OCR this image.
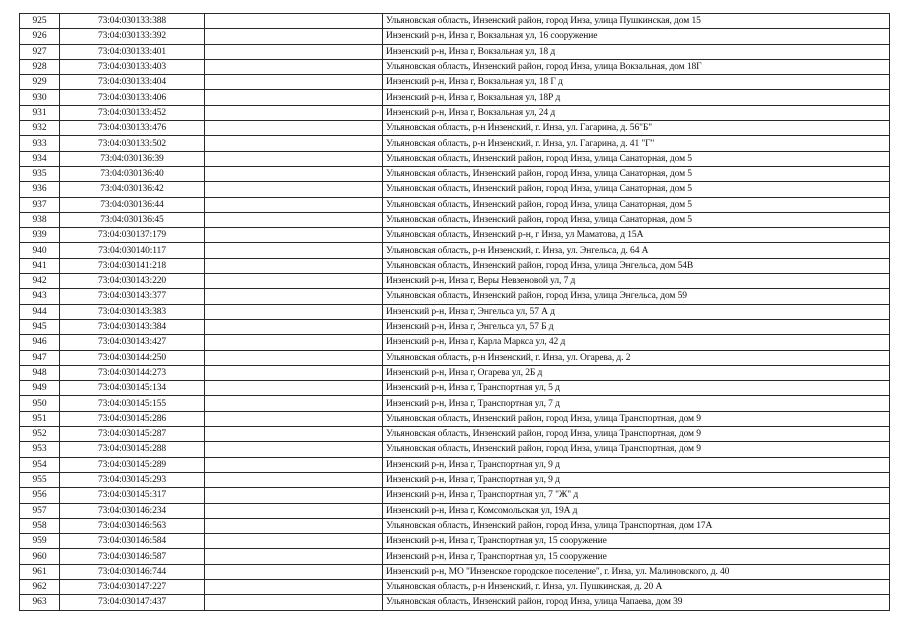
925	73:04:030133:388		Ульяновская область, Инзенский район, город Инза, улица Пушкинская, дом 15
926	73:04:030133:392		Инзенский р-н, Инза г, Вокзальная ул, 16 сооружение
927	73:04:030133:401		Инзенский р-н, Инза г, Вокзальная ул, 18 д
928	73:04:030133:403		Ульяновская область, Инзенский район, город Инза, улица Вокзальная, дом 18Г
929	73:04:030133:404		Инзенский р-н, Инза г, Вокзальная ул, 18 Г д
930	73:04:030133:406		Инзенский р-н, Инза г, Вокзальная ул, 18Р д
931	73:04:030133:452		Инзенский р-н, Инза г, Вокзальная ул, 24 д
932	73:04:030133:476		Ульяновская область, р-н Инзенский, г. Инза, ул. Гагарина, д. 56"Б"
933	73:04:030133:502		Ульяновская область, р-н Инзенский, г. Инза, ул. Гагарина, д. 41 "Г"
934	73:04:030136:39		Ульяновская область, Инзенский район, город Инза, улица Санаторная, дом 5
935	73:04:030136:40		Ульяновская область, Инзенский район, город Инза, улица Санаторная, дом 5
936	73:04:030136:42		Ульяновская область, Инзенский район, город Инза, улица Санаторная, дом 5
937	73:04:030136:44		Ульяновская область, Инзенский район, город Инза, улица Санаторная, дом 5
938	73:04:030136:45		Ульяновская область, Инзенский район, город Инза, улица Санаторная, дом 5
939	73:04:030137:179		Ульяновская область, Инзенский р-н, г Инза, ул Маматова, д 15А
940	73:04:030140:117		Ульяновская область, р-н Инзенский, г. Инза, ул. Энгельса, д. 64 А
941	73:04:030141:218		Ульяновская область, Инзенский район, город Инза, улица Энгельса, дом 54В
942	73:04:030143:220		Инзенский р-н, Инза г, Веры Невзеновой ул, 7 д
943	73:04:030143:377		Ульяновская область, Инзенский район, город Инза, улица Энгельса, дом 59
944	73:04:030143:383		Инзенский р-н, Инза г, Энгельса ул, 57 А д
945	73:04:030143:384		Инзенский р-н, Инза г, Энгельса ул, 57 Б д
946	73:04:030143:427		Инзенский р-н, Инза г, Карла Маркса ул, 42 д
947	73:04:030144:250		Ульяновская область, р-н Инзенский, г. Инза, ул. Огарева, д. 2
948	73:04:030144:273		Инзенский р-н, Инза г, Огарева ул, 2Б д
949	73:04:030145:134		Инзенский р-н, Инза г, Транспортная ул, 5 д
950	73:04:030145:155		Инзенский р-н, Инза г, Транспортная ул, 7 д
951	73:04:030145:286		Ульяновская область, Инзенский район, город Инза, улица Транспортная, дом 9
952	73:04:030145:287		Ульяновская область, Инзенский район, город Инза, улица Транспортная, дом 9
953	73:04:030145:288		Ульяновская область, Инзенский район, город Инза, улица Транспортная, дом 9
954	73:04:030145:289		Инзенский р-н, Инза г, Транспортная ул, 9 д
955	73:04:030145:293		Инзенский р-н, Инза г, Транспортная ул, 9 д
956	73:04:030145:317		Инзенский р-н, Инза г, Транспортная ул, 7 "Ж" д
957	73:04:030146:234		Инзенский р-н, Инза г, Комсомольская ул, 19А д
958	73:04:030146:563		Ульяновская область, Инзенский район, город Инза, улица Транспортная, дом 17А
959	73:04:030146:584		Инзенский р-н, Инза г, Транспортная ул, 15 сооружение
960	73:04:030146:587		Инзенский р-н, Инза г, Транспортная ул, 15 сооружение
961	73:04:030146:744		Инзенский р-н, МО "Инзенское городское поселение", г. Инза, ул. Малиновского, д. 40
962	73:04:030147:227		Ульяновская область, р-н Инзенский, г. Инза, ул. Пушкинская, д. 20 А
963	73:04:030147:437		Ульяновская область, Инзенский район, город Инза, улица Чапаева, дом 39
